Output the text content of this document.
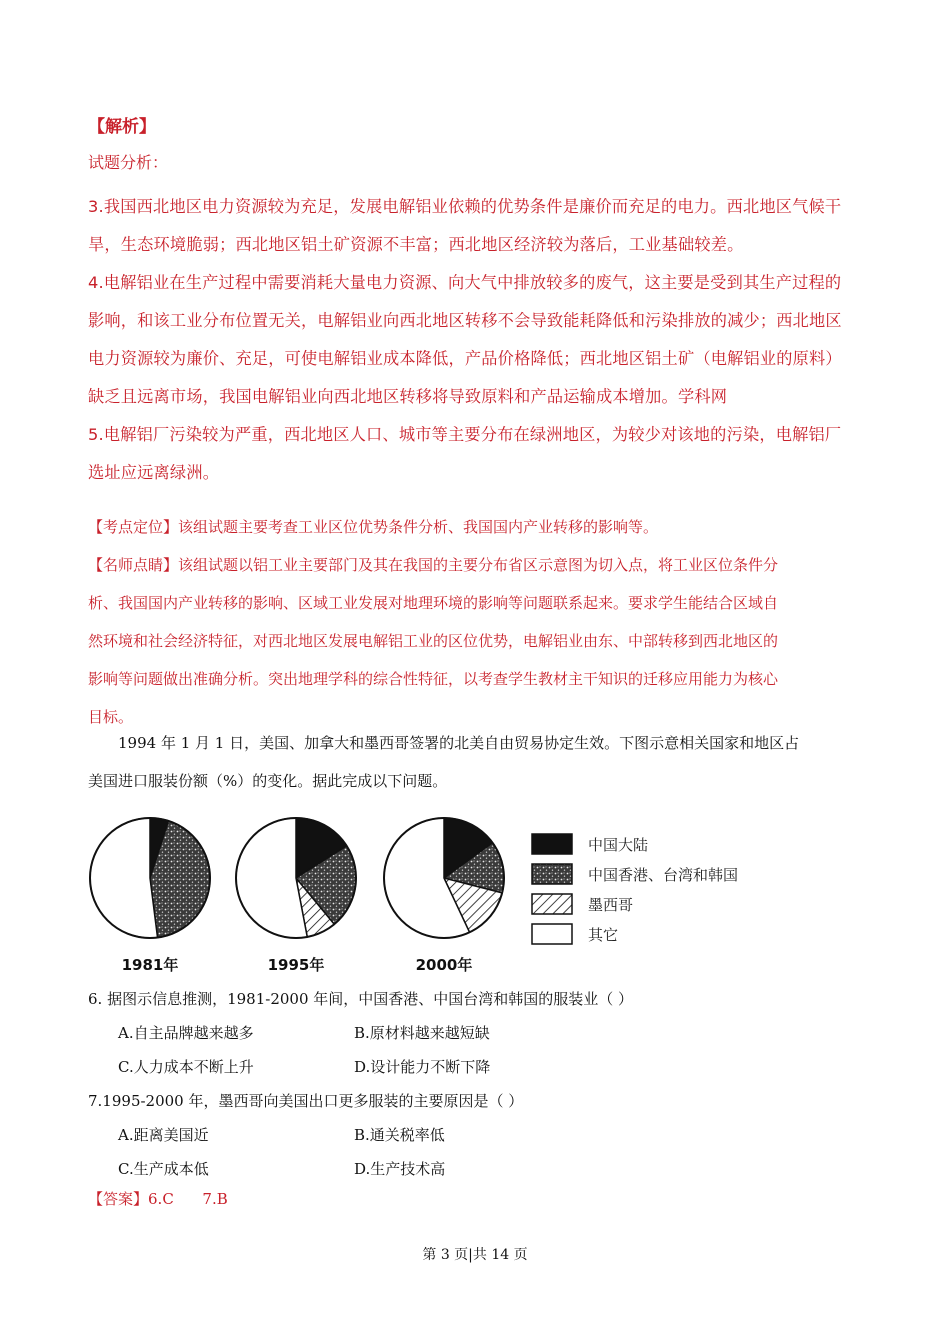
【解析】
试题分析：

3.我国西北地区电力资源较为充足，发展电解铝业依赖的优势条件是廉价而充足的电力。西北地区气候干

旱，生态环境脆弱；西北地区铝土矿资源不丰富；西北地区经济较为落后，工业基础较差。

4.电解铝业在生产过程中需要消耗大量电力资源、向大气中排放较多的废气，这主要是受到其生产过程的

影响，和该工业分布位置无关，电解铝业向西北地区转移不会导致能耗降低和污染排放的减少；西北地区

电力资源较为廉价、充足，可使电解铝业成本降低，产品价格降低；西北地区铝土矿（电解铝业的原料）

缺乏且远离市场，我国电解铝业向西北地区转移将导致原料和产品运输成本增加。学科网

5.电解铝厂污染较为严重，西北地区人口、城市等主要分布在绿洲地区，为较少对该地的污染，电解铝厂

选址应远离绿洲。

【考点定位】该组试题主要考查工业区位优势条件分析、我国国内产业转移的影响等。

【名师点睛】该组试题以铝工业主要部门及其在我国的主要分布省区示意图为切入点，将工业区位条件分

析、我国国内产业转移的影响、区域工业发展对地理环境的影响等问题联系起来。要求学生能结合区域自

然环境和社会经济特征，对西北地区发展电解铝工业的区位优势，电解铝业由东、中部转移到西北地区的

影响等问题做出准确分析。突出地理学科的综合性特征，以考查学生教材主干知识的迁移应用能力为核心

目标。

1994 年 1 月 1 日，美国、加拿大和墨西哥签署的北美自由贸易协定生效。下图示意相关国家和地区占

美国进口服装份额（%）的变化。据此完成以下问题。

1981年	1995年	2000年
中国大陆
中国香港、台湾和韩国
墨西哥
其它
6. 据图示信息推测，1981-2000 年间，中国香港、中国台湾和韩国的服装业（ ）
A.自主品牌越来越多	B.原材料越来越短缺
C.人力成本不断上升	D.设计能力不断下降
7.1995-2000 年，墨西哥向美国出口更多服装的主要原因是（ ）
A.距离美国近	B.通关税率低
C.生产成本低	D.生产技术高
【答案】6.C      7.B
第 3 页|共 14 页
